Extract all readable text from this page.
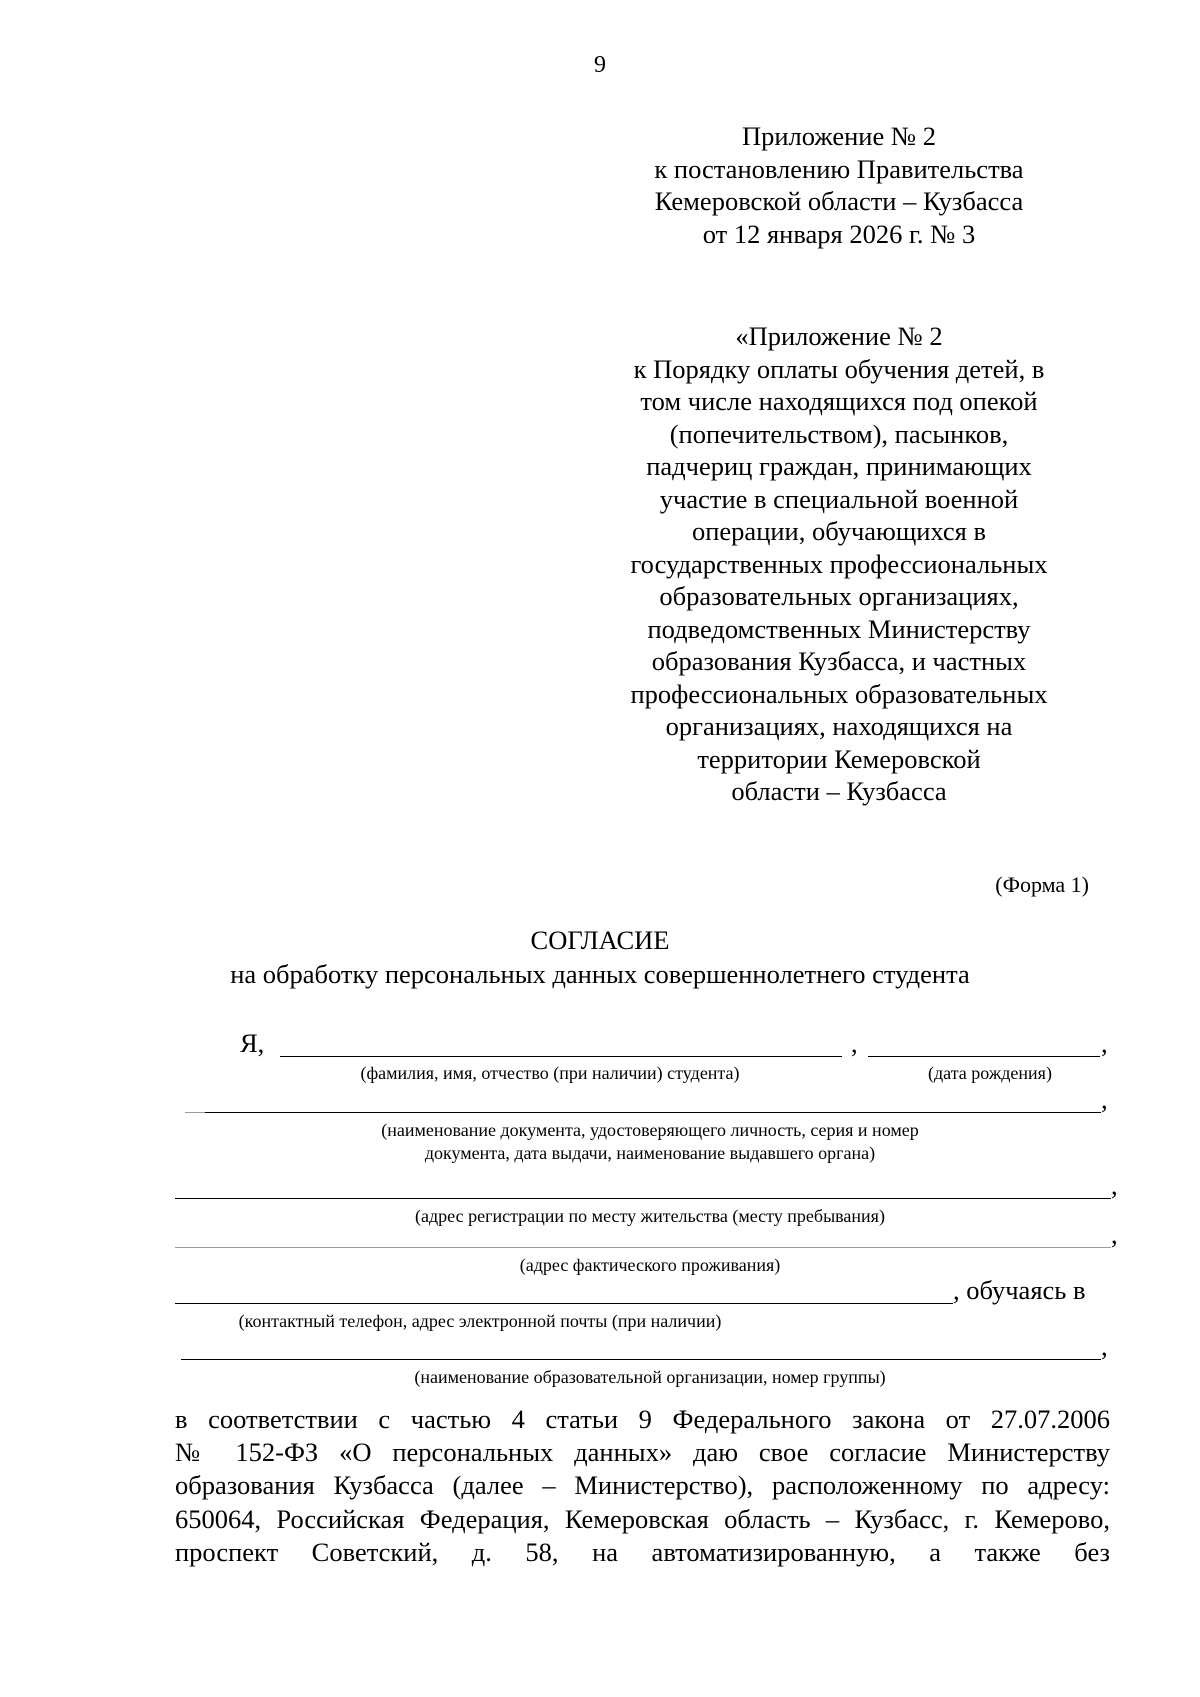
9
Приложение № 2
к постановлению Правительства
Кемеровской области – Кузбасса
от 12 января 2026 г. № 3
«Приложение № 2
к Порядку оплаты обучения детей, в
том числе находящихся под опекой
(попечительством), пасынков,
падчериц граждан, принимающих
участие в специальной военной
операции, обучающихся в
государственных профессиональных
образовательных организациях,
подведомственных Министерству
образования Кузбасса, и частных
профессиональных образовательных
организациях, находящихся на
территории Кемеровской
области – Кузбасса
(Форма 1)
СОГЛАСИЕ
на обработку персональных данных совершеннолетнего студента
Я,	,	,
(фамилия, имя, отчество (при наличии) студента)	(дата рождения)
,
(наименование документа, удостоверяющего личность, серия и номер
документа, дата выдачи, наименование выдавшего органа)
,
(адрес регистрации по месту жительства (месту пребывания)
,
(адрес фактического проживания)
, обучаясь в
(контактный телефон, адрес электронной почты (при наличии)
,
(наименование образовательной организации, номер группы)
в соответствии с частью 4 статьи 9 Федерального закона от 27.07.2006
№ 152-ФЗ «О персональных данных» даю свое согласие Министерству
образования Кузбасса (далее – Министерство), расположенному по адресу:
650064, Российская Федерация, Кемеровская область – Кузбасс, г. Кемерово,
проспект Советский, д. 58, на автоматизированную, а также без
